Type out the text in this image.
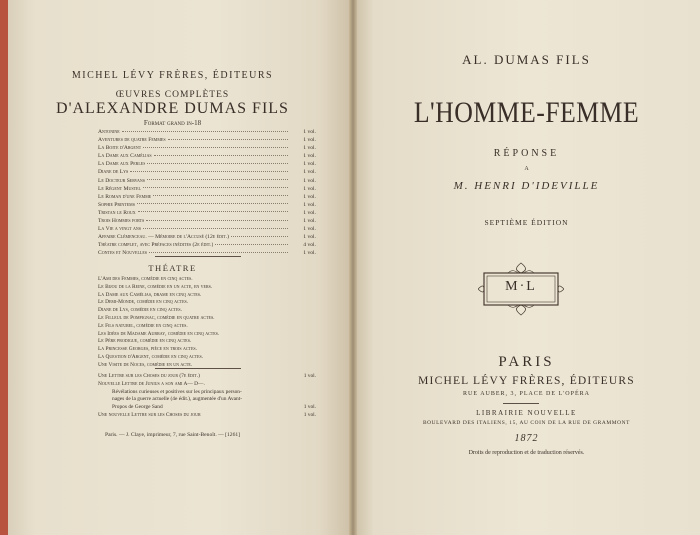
MICHEL LÉVY FRÈRES, ÉDITEURS
ŒUVRES COMPLÈTES
D'ALEXANDRE DUMAS FILS
Format grand in-18
Antonine	1 vol.
Aventures de quatre Femmes	1 vol.
La Boite d'Argent	1 vol.
La Dame aux Camélias	1 vol.
La Dame aux Perles	1 vol.
Diane de Lys	1 vol.
Le Docteur Servans	1 vol.
Le Régent Mustel	1 vol.
Le Roman d'une Femme	1 vol.
Sophie Printems	1 vol.
Tristan le Roux	1 vol.
Trois Hommes forts	1 vol.
La Vie a vingt ans	1 vol.
Affaire Clémenceau. — Mémoire de l'Accusé (12e édit.)	1 vol.
Théatre complet, avec Préfaces inédites (2e édit.)	4 vol.
Contes et Nouvelles	1 vol.
THÉATRE
L'Ami des Femmes, comédie en cinq actes.
Le Bijou de la Reine, comédie en un acte, en vers.
La Dame aux Camélias, drame en cinq actes.
Le Demi-Monde, comédie en cinq actes.
Diane de Lys, comédie en cinq actes.
Le Filleul de Pompignac, comédie en quatre actes.
Le Fils naturel, comédie en cinq actes.
Les Idées de Madame Aubray, comédie en cinq actes.
Le Père prodigue, comédie en cinq actes.
La Princesse Georges, pièce en trois actes.
La Question d'Argent, comédie en cinq actes.
Une Visite de Noces, comédie en un acte.
Une Lettre sur les Choses du jour (7e édit.)	1 vol.
Nouvelle Lettre de Junius a son ami A— D—.
Révélations curieuses et positives sur les principaux person-
nages de la guerre actuelle (4e édit.), augmentée d'un Avant-
Propos de George Sand	1 vol.
Une nouvelle Lettre sur les Choses du jour	1 vol.
Paris. — J. Claye, imprimeur, 7, rue Saint-Benoît. — [1261]
AL. DUMAS FILS
L'HOMME-FEMME
RÉPONSE
A
M. HENRI D'IDEVILLE
SEPTIÈME ÉDITION
M·L
PARIS
MICHEL LÉVY FRÈRES, ÉDITEURS
RUE AUBER, 3, PLACE DE L'OPÉRA
LIBRAIRIE NOUVELLE
BOULEVARD DES ITALIENS, 15, AU COIN DE LA RUE DE GRAMMONT
1872
Droits de reproduction et de traduction réservés.
